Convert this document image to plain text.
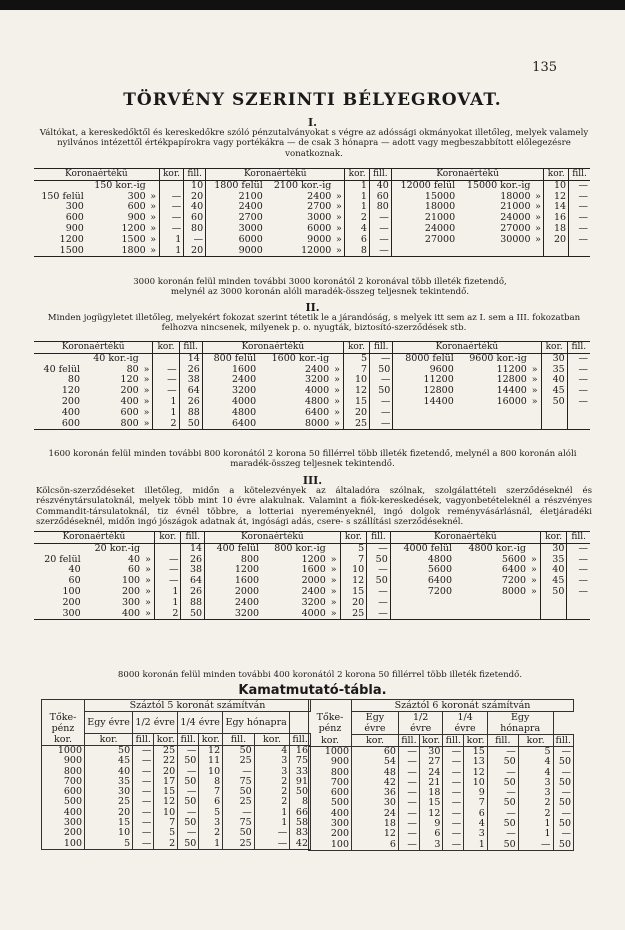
135
TÖRVÉNY SZERINTI BÉLYEGROVAT.
I.
Váltókat, a kereskedőktől és kereskedőkre szóló pénzutalványokat s végre az adóssági okmányokat illetőleg, melyek valamely nyilvános intézettől értékpapírokra vagy portékákra — de csak 3 hónapra — adott vagy megbeszabbított előlegezésre vonatkoznak.
Koronaértékű			kor.	fill.	Koronaértékű			kor.	fill.	Koronaértékű			kor.	fill.
	150 kor.-ig			10	1800 felül	2100 kor.-ig		1	40	12000 felül	15000 kor.-ig		10	—
150 felül	300	»	—	20	2100	2400	»	1	60	15000	18000	»	12	—
300	600	»	—	40	2400	2700	»	1	80	18000	21000	»	14	—
600	900	»	—	60	2700	3000	»	2	—	21000	24000	»	16	—
900	1200	»	—	80	3000	6000	»	4	—	24000	27000	»	18	—
1200	1500	»	1	—	6000	9000	»	6	—	27000	30000	»	20	—
1500	1800	»	1	20	9000	12000	»	8	—					
3000 koronán felül minden további 3000 koronától 2 koronával több illeték fizetendő, melynél az 3000 koronán alóli maradék-összeg teljesnek tekintendő.
II.
Minden jogügyletet illetőleg, melyekért fokozat szerint tétetik le a járandóság, s melyek itt sem az I. sem a III. fokozatban felhozva nincsenek, milyenek p. o. nyugták, biztosító-szerződések stb.
Koronaértékű			kor.	fill.	Koronaértékű			kor.	fill.	Koronaértékű			kor.	fill.
	40 kor.-ig			14	800 felül	1600 kor.-ig		5	—	8000 felül	9600 kor.-ig		30	—
40 felül	80	»	—	26	1600	2400	»	7	50	9600	11200	»	35	—
80	120	»	—	38	2400	3200	»	10	—	11200	12800	»	40	—
120	200	»	—	64	3200	4000	»	12	50	12800	14400	»	45	—
200	400	»	1	26	4000	4800	»	15	—	14400	16000	»	50	—
400	600	»	1	88	4800	6400	»	20	—					
600	800	»	2	50	6400	8000	»	25	—					
1600 koronán felül minden további 800 koronától 2 korona 50 fillérrel több illeték fizetendő, melynél a 800 koronán alóli maradék-összeg teljesnek tekintendő.
III.
Kölcsön-szerződéseket illetőleg, midőn a kötelezvények az általadóra szólnak, szolgálattételi szerződéseknél és részvénytársulatoknál, melyek több mint 10 évre alakulnak. Valamint a fiók-kereskedések, vagyonbetételeknél a részvényes Commandit-társulatoknál, tiz évnél többre, a lotteriai nyereményeknél, ingó dolgok reményvásárlásnál, életjáradéki szerződéseknél, midőn ingó jószágok adatnak át, ingósági adás, csere- s szállítási szerződéseknél.
Koronaértékű			kor.	fill.	Koronaértékű			kor.	fill.	Koronaértékű			kor.	fill.
	20 kor.-ig			14	400 felül	800 kor.-ig		5	—	4000 felül	4800 kor.-ig		30	—
20 felül	40	»	—	26	800	1200	»	7	50	4800	5600	»	35	—
40	60	»	—	38	1200	1600	»	10	—	5600	6400	»	40	—
60	100	»	—	64	1600	2000	»	12	50	6400	7200	»	45	—
100	200	»	1	26	2000	2400	»	15	—	7200	8000	»	50	—
200	300	»	1	88	2400	3200	»	20	—					
300	400	»	2	50	3200	4000	»	25	—					
8000 koronán felül minden további 400 koronától 2 korona 50 fillérrel több illeték fizetendő.
Kamatmutató-tábla.
	Száztól 5 koronát számítván							
Tőke-pénz	Egy évre	1/2 évre		1/4 évre		Egy hónapra		
kor.	kor.	fill.	kor.	fill.	kor.	fill.	kor.	fill.
1000	50	—	25	—	12	50	4	16
900	45	—	22	50	11	25	3	75
800	40	—	20	—	10	—	3	33
700	35	—	17	50	8	75	2	91
600	30	—	15	—	7	50	2	50
500	25	—	12	50	6	25	2	8
400	20	—	10	—	5	—	1	66
300	15	—	7	50	3	75	1	58
200	10	—	5	—	2	50	—	83
100	5	—	2	50	1	25	—	42
	Száztól 6 koronát számítván							
Tőke-pénz	Egy évre	1/2 évre		1/4 évre		Egy hónapra		
kor.	kor.	fill.	kor.	fill.	kor.	fill.	kor.	fill.
1000	60	—	30	—	15	—	5	—
900	54	—	27	—	13	50	4	50
800	48	—	24	—	12	—	4	—
700	42	—	21	—	10	50	3	50
600	36	—	18	—	9	—	3	—
500	30	—	15	—	7	50	2	50
400	24	—	12	—	6	—	2	—
300	18	—	9	—	4	50	1	50
200	12	—	6	—	3	—	1	—
100	6	—	3	—	1	50	—	50
